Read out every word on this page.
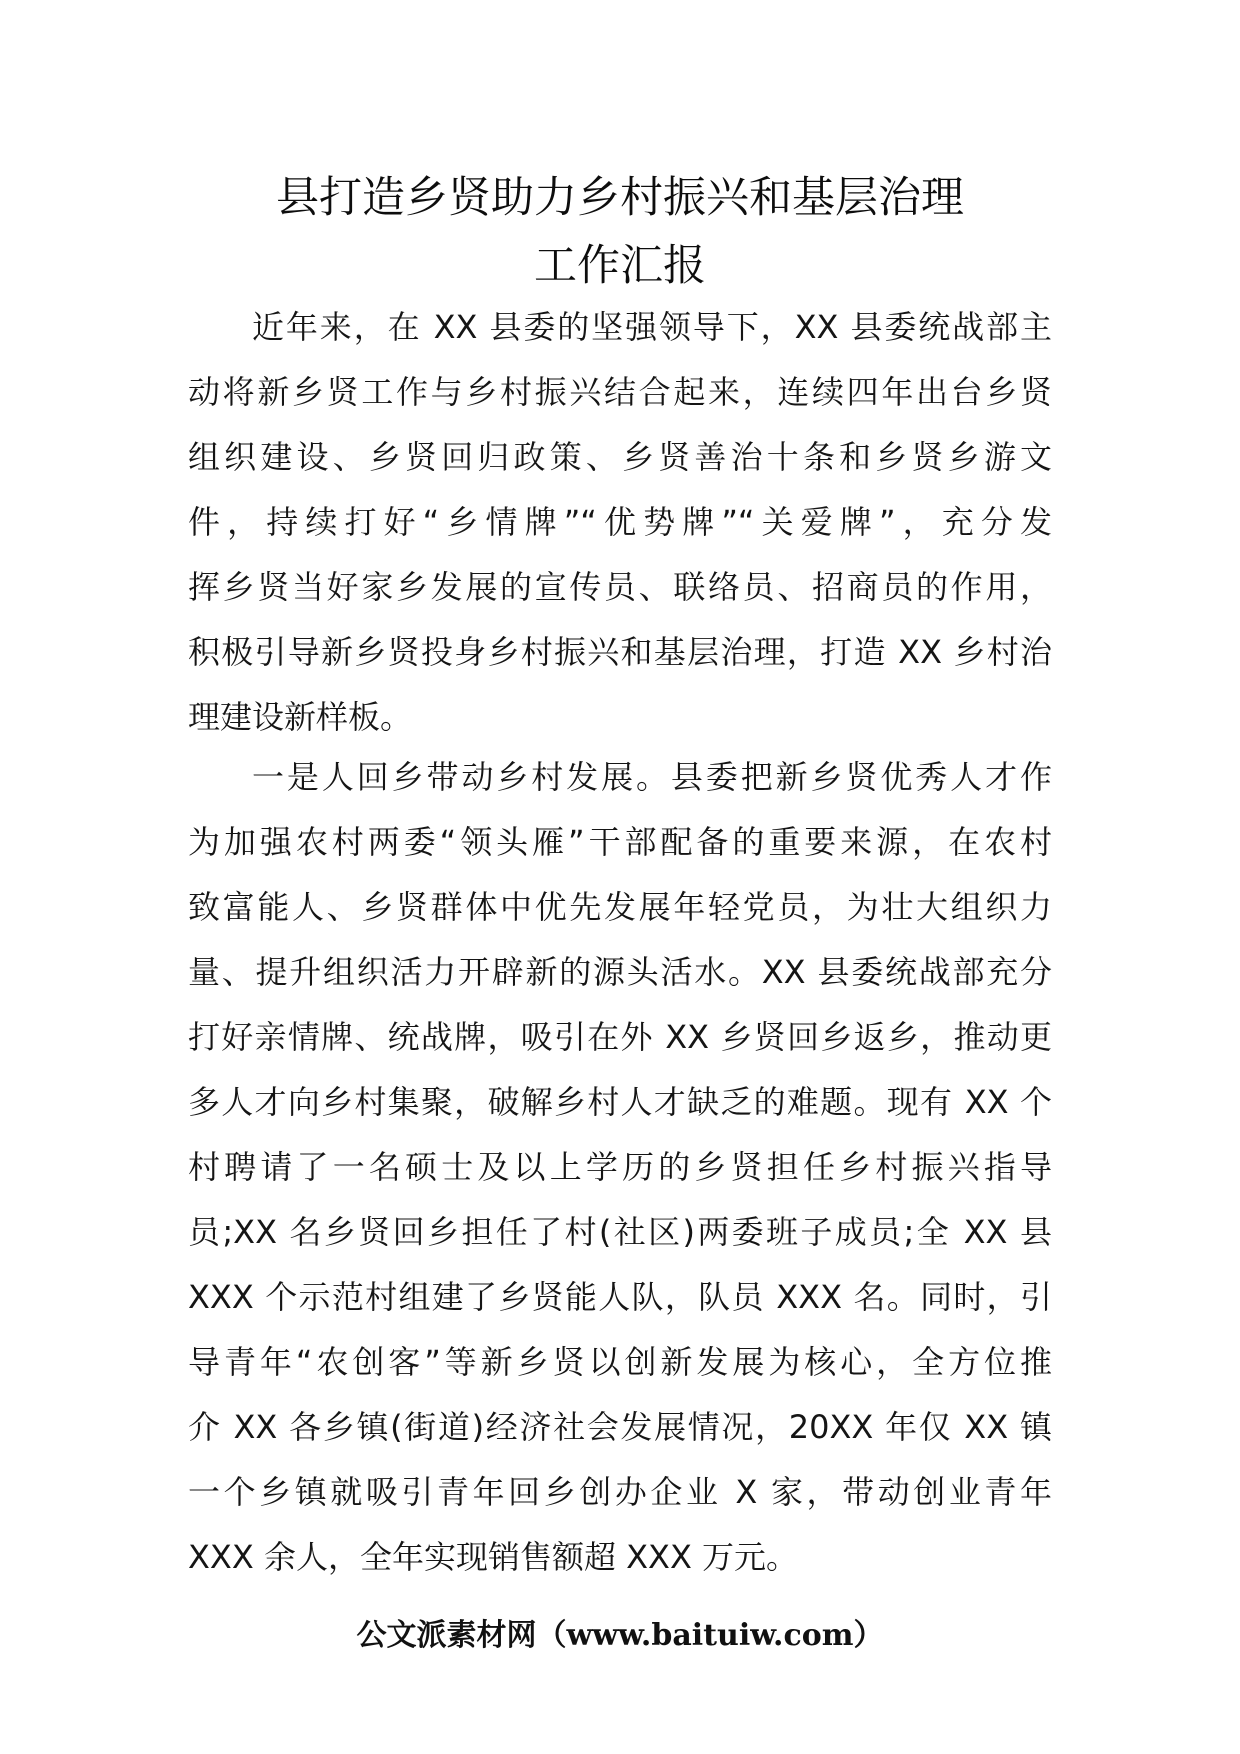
县打造乡贤助力乡村振兴和基层治理
工作汇报
近年来，在 XX 县委的坚强领导下，XX 县委统战部主
动将新乡贤工作与乡村振兴结合起来，连续四年出台乡贤
组织建设、乡贤回归政策、乡贤善治十条和乡贤乡游文
件，持续打好“乡情牌”“优势牌”“关爱牌”，充分发
挥乡贤当好家乡发展的宣传员、联络员、招商员的作用，
积极引导新乡贤投身乡村振兴和基层治理，打造 XX 乡村治
理建设新样板。
一是人回乡带动乡村发展。县委把新乡贤优秀人才作
为加强农村两委“领头雁”干部配备的重要来源，在农村
致富能人、乡贤群体中优先发展年轻党员，为壮大组织力
量、提升组织活力开辟新的源头活水。XX 县委统战部充分
打好亲情牌、统战牌，吸引在外 XX 乡贤回乡返乡，推动更
多人才向乡村集聚，破解乡村人才缺乏的难题。现有 XX 个
村聘请了一名硕士及以上学历的乡贤担任乡村振兴指导
员;XX 名乡贤回乡担任了村(社区)两委班子成员;全 XX 县
XXX 个示范村组建了乡贤能人队，队员 XXX 名。同时，引
导青年“农创客”等新乡贤以创新发展为核心，全方位推
介 XX 各乡镇(街道)经济社会发展情况，20XX 年仅 XX 镇
一个乡镇就吸引青年回乡创办企业 X 家，带动创业青年
XXX 余人，全年实现销售额超 XXX 万元。
公文派素材网（www.baituiw.com）
